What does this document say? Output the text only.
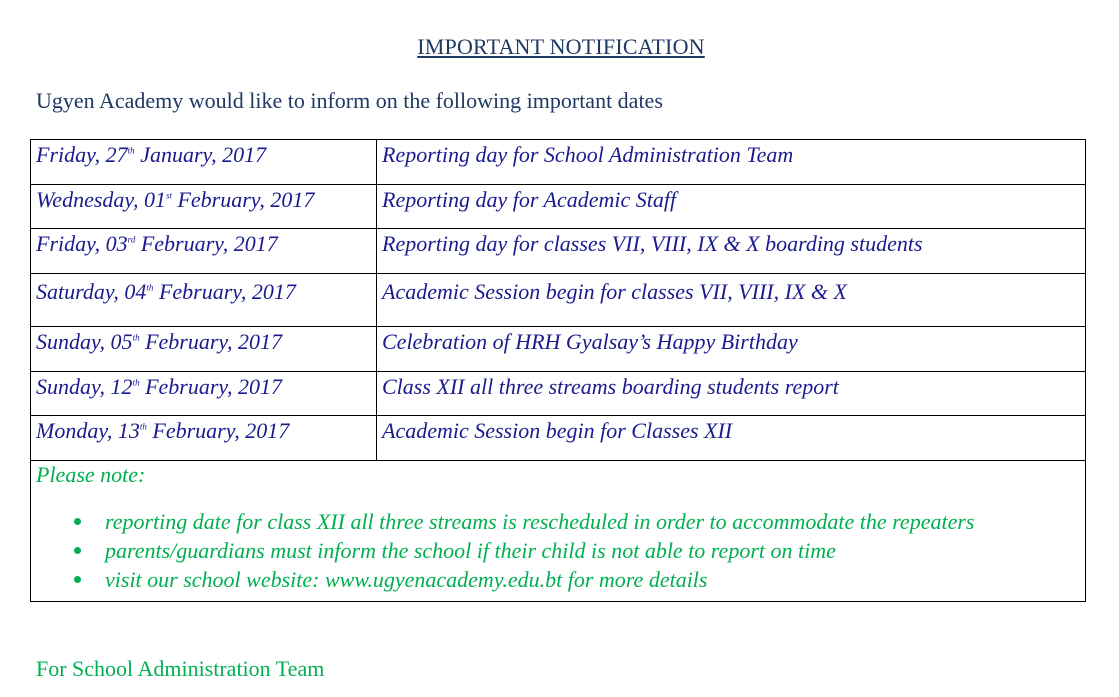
IMPORTANT NOTIFICATION
Ugyen Academy would like to inform on the following important dates
Friday, 27th January, 2017	Reporting day for School Administration Team
Wednesday, 01st February, 2017	Reporting day for Academic Staff
Friday, 03rd February, 2017	Reporting day for classes VII, VIII, IX & X boarding students
Saturday, 04th February, 2017	Academic Session begin for classes VII, VIII, IX & X
Sunday, 05th February, 2017	Celebration of HRH Gyalsay’s Happy Birthday
Sunday, 12th February, 2017	Class XII all three streams boarding students report
Monday, 13th February, 2017	Academic Session begin for Classes XII
Please note:
reporting date for class XII all three streams is rescheduled in order to accommodate the repeaters
parents/guardians must inform the school if their child is not able to report on time
visit our school website: www.ugyenacademy.edu.bt for more details
For School Administration Team
